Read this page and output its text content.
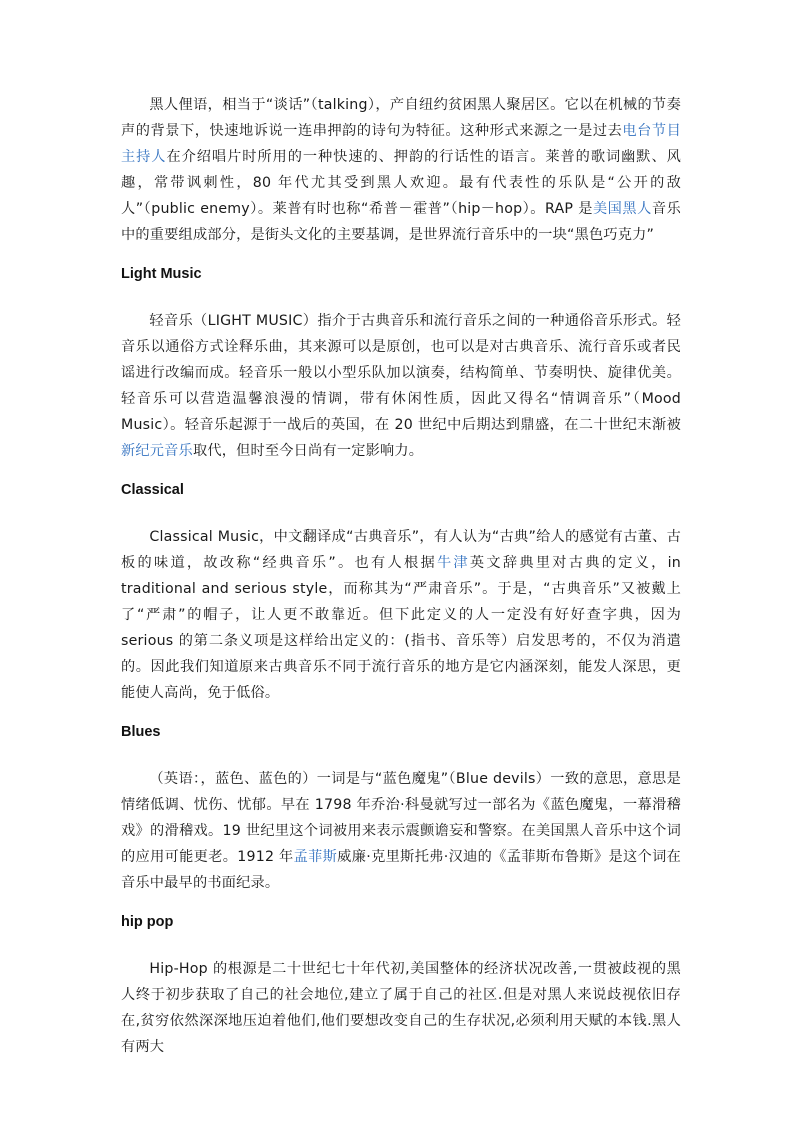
黑人俚语，相当于“谈话”（talking），产自纽约贫困黑人聚居区。它以在机械的节奏声的背景下，快速地诉说一连串押韵的诗句为特征。这种形式来源之一是过去电台节目主持人在介绍唱片时所用的一种快速的、押韵的行话性的语言。莱普的歌词幽默、风趣，常带讽刺性，80 年代尤其受到黑人欢迎。最有代表性的乐队是“公开的敌人”（public enemy）。莱普有时也称“希普－霍普”（hip－hop）。RAP 是美国黑人音乐中的重要组成部分，是街头文化的主要基调，是世界流行音乐中的一块“黑色巧克力”

Light Music

轻音乐（LIGHT MUSIC）指介于古典音乐和流行音乐之间的一种通俗音乐形式。轻音乐以通俗方式诠释乐曲，其来源可以是原创，也可以是对古典音乐、流行音乐或者民谣进行改编而成。轻音乐一般以小型乐队加以演奏，结构简单、节奏明快、旋律优美。轻音乐可以营造温馨浪漫的情调，带有休闲性质，因此又得名“情调音乐”（Mood Music）。轻音乐起源于一战后的英国，在 20 世纪中后期达到鼎盛，在二十世纪末渐被新纪元音乐取代，但时至今日尚有一定影响力。

Classical

Classical Music，中文翻译成“古典音乐”，有人认为“古典”给人的感觉有古董、古板的味道，故改称“经典音乐”。也有人根据牛津英文辞典里对古典的定义，in traditional and serious style，而称其为“严肃音乐”。于是，“古典音乐”又被戴上了“严肃”的帽子，让人更不敢靠近。但下此定义的人一定没有好好查字典，因为 serious 的第二条义项是这样给出定义的：(指书、音乐等）启发思考的，不仅为消遣的。因此我们知道原来古典音乐不同于流行音乐的地方是它内涵深刻，能发人深思，更能使人高尚，免于低俗。

Blues

（英语：，蓝色、蓝色的）一词是与“蓝色魔鬼”（Blue devils）一致的意思，意思是情绪低调、忧伤、忧郁。早在 1798 年乔治·科曼就写过一部名为《蓝色魔鬼，一幕滑稽戏》的滑稽戏。19 世纪里这个词被用来表示震颤谵妄和警察。在美国黑人音乐中这个词的应用可能更老。1912 年孟菲斯威廉·克里斯托弗·汉迪的《孟菲斯布鲁斯》是这个词在音乐中最早的书面纪录。

hip pop

Hip-Hop 的根源是二十世纪七十年代初,美国整体的经济状况改善,一贯被歧视的黑人终于初步获取了自己的社会地位,建立了属于自己的社区.但是对黑人来说歧视依旧存在,贫穷依然深深地压迫着他们,他们要想改变自己的生存状况,必须利用天赋的本钱.黑人有两大
